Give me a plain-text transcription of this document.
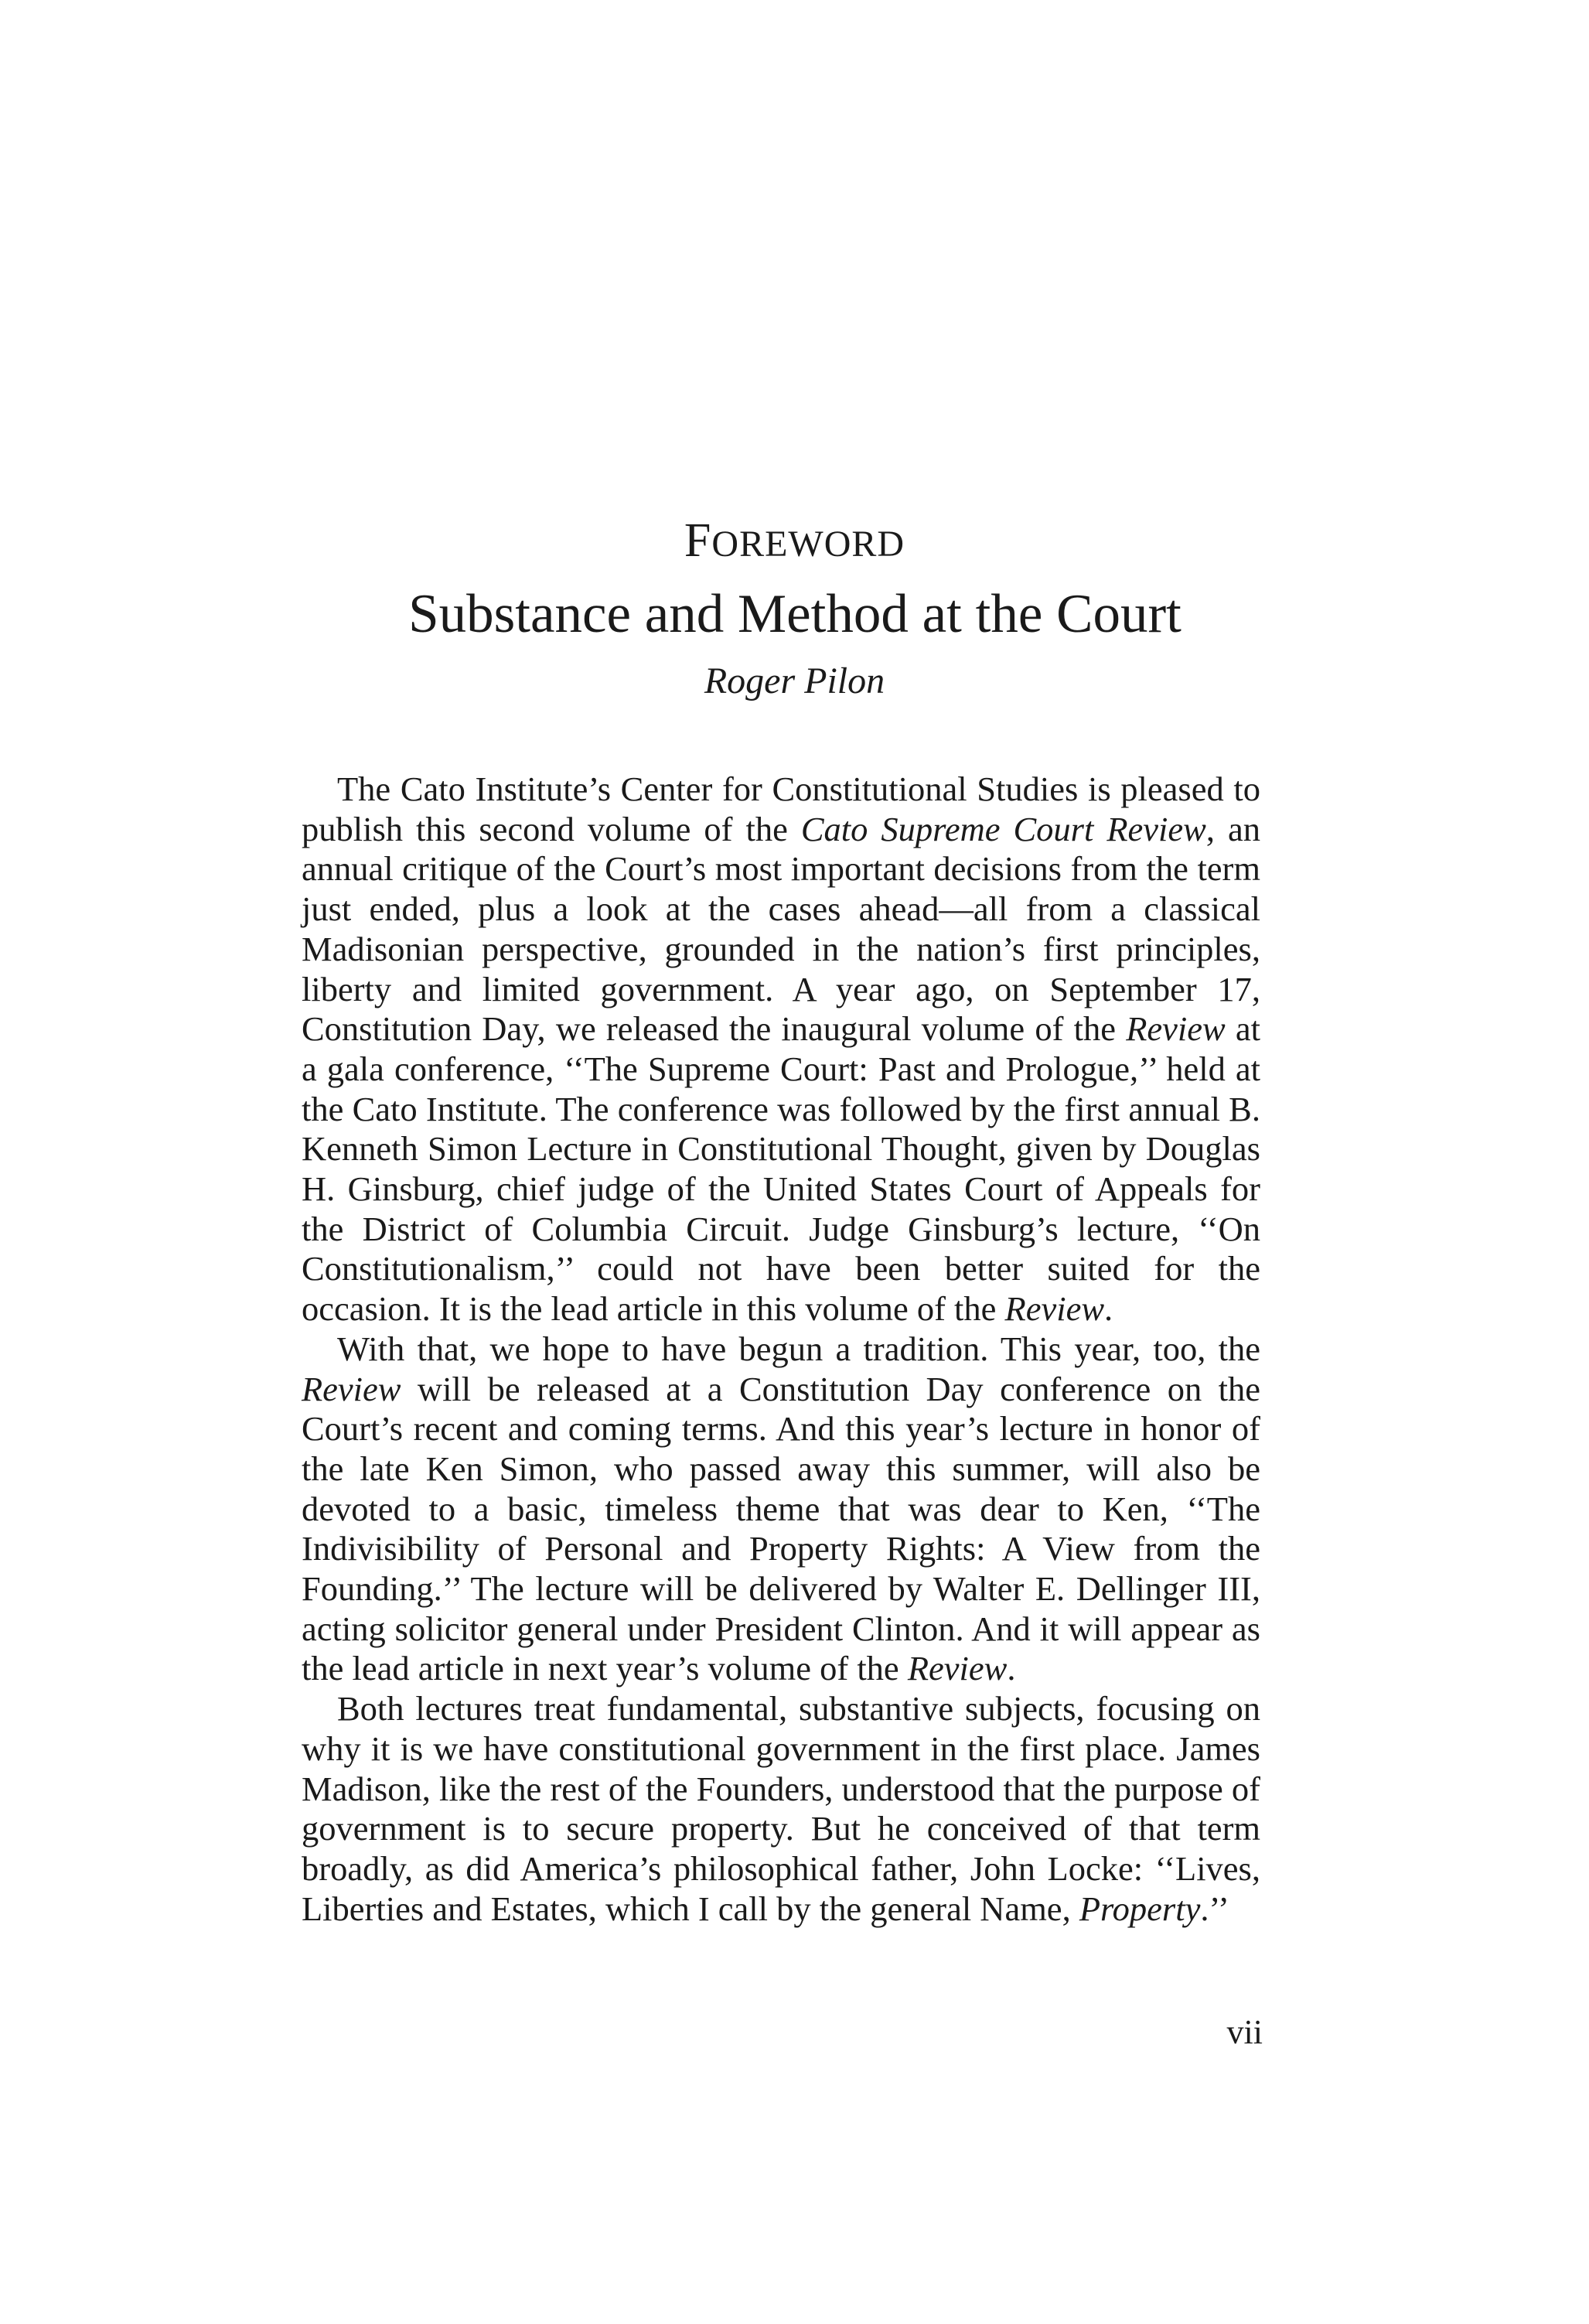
FOREWORD
Substance and Method at the Court
Roger Pilon

The Cato Institute’s Center for Constitutional Studies is pleased to publish this second volume of the Cato Supreme Court Review, an annual critique of the Court’s most important decisions from the term just ended, plus a look at the cases ahead—all from a classical Madisonian perspective, grounded in the nation’s first principles, liberty and limited government. A year ago, on September 17, Constitution Day, we released the inaugural volume of the Review at a gala conference, ‘‘The Supreme Court: Past and Prologue,’’ held at the Cato Institute. The conference was followed by the first annual B. Kenneth Simon Lecture in Constitutional Thought, given by Douglas H. Ginsburg, chief judge of the United States Court of Appeals for the District of Columbia Circuit. Judge Ginsburg’s lecture, ‘‘On Constitutionalism,’’ could not have been better suited for the occasion. It is the lead article in this volume of the Review.

With that, we hope to have begun a tradition. This year, too, the Review will be released at a Constitution Day conference on the Court’s recent and coming terms. And this year’s lecture in honor of the late Ken Simon, who passed away this summer, will also be devoted to a basic, timeless theme that was dear to Ken, ‘‘The Indivisibility of Personal and Property Rights: A View from the Founding.’’ The lecture will be delivered by Walter E. Dellinger III, acting solicitor general under President Clinton. And it will appear as the lead article in next year’s volume of the Review.

Both lectures treat fundamental, substantive subjects, focusing on why it is we have constitutional government in the first place. James Madison, like the rest of the Founders, understood that the purpose of government is to secure property. But he conceived of that term broadly, as did America’s philosophical father, John Locke: ‘‘Lives, Liberties and Estates, which I call by the general Name, Property.’’

vii
